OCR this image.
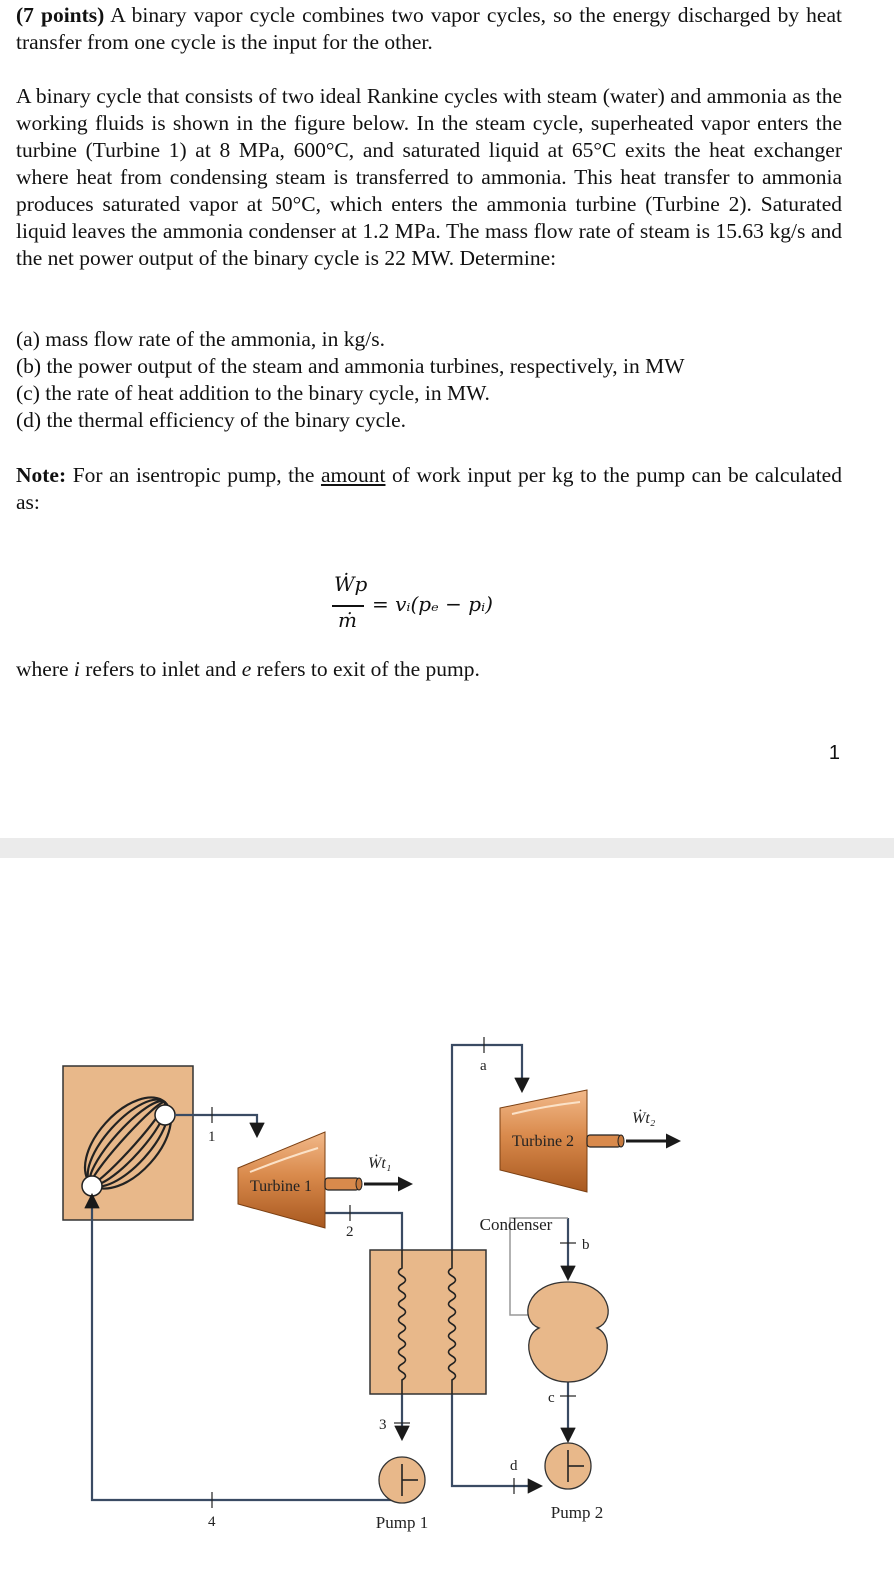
(7 points) A binary vapor cycle combines two vapor cycles, so the energy discharged by heat transfer from one cycle is the input for the other.
A binary cycle that consists of two ideal Rankine cycles with steam (water) and ammonia as the working fluids is shown in the figure below. In the steam cycle, superheated vapor enters the turbine (Turbine 1) at 8 MPa, 600°C, and saturated liquid at 65°C exits the heat exchanger where heat from condensing steam is transferred to ammonia. This heat transfer to ammonia produces saturated vapor at 50°C, which enters the ammonia turbine (Turbine 2). Saturated liquid leaves the ammonia condenser at 1.2 MPa. The mass flow rate of steam is 15.63 kg/s and the net power output of the binary cycle is 22 MW. Determine:
(a) mass flow rate of the ammonia, in kg/s.
(b) the power output of the steam and ammonia turbines, respectively, in MW
(c) the rate of heat addition to the binary cycle, in MW.
(d) the thermal efficiency of the binary cycle.
Note: For an isentropic pump, the amount of work input per kg to the pump can be calculated as:
Ẇp
ṁ
= vᵢ(pₑ − pᵢ)
where i refers to inlet and e refers to exit of the pump.
1
Turbine 1
Ẇt₁
Turbine 2
Ẇt₂
Condenser
Pump 1
Pump 2
1
2
3
4
a
b
c
d
